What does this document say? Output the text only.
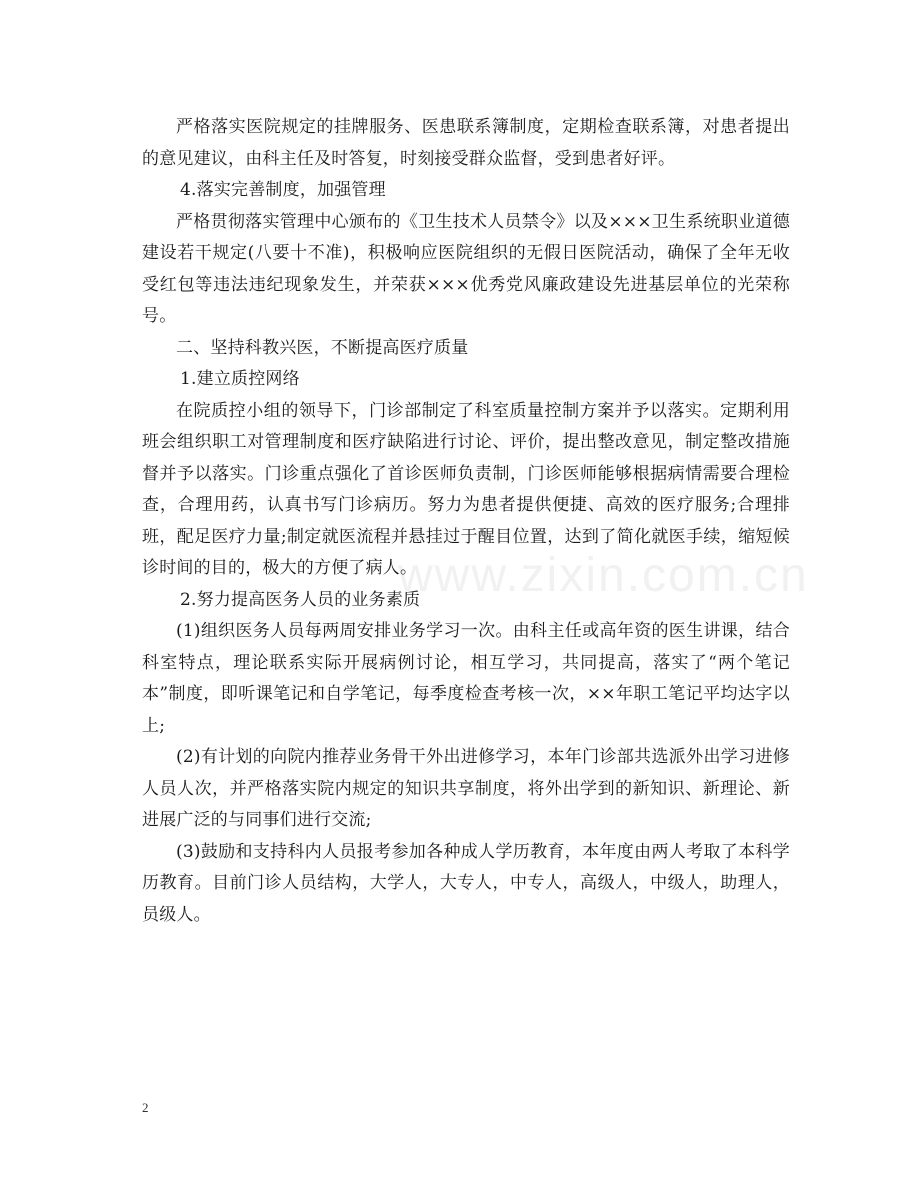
www.zixin.com.cn

严格落实医院规定的挂牌服务、医患联系簿制度，定期检查联系簿，对患者提出的意见建议，由科主任及时答复，时刻接受群众监督，受到患者好评。

4.落实完善制度，加强管理

严格贯彻落实管理中心颁布的《卫生技术人员禁令》以及×××卫生系统职业道德建设若干规定(八要十不准)，积极响应医院组织的无假日医院活动，确保了全年无收受红包等违法违纪现象发生，并荣获×××优秀党风廉政建设先进基层单位的光荣称号。

二、坚持科教兴医，不断提高医疗质量

1.建立质控网络

在院质控小组的领导下，门诊部制定了科室质量控制方案并予以落实。定期利用班会组织职工对管理制度和医疗缺陷进行讨论、评价，提出整改意见，制定整改措施督并予以落实。门诊重点强化了首诊医师负责制，门诊医师能够根据病情需要合理检查，合理用药，认真书写门诊病历。努力为患者提供便捷、高效的医疗服务;合理排班，配足医疗力量;制定就医流程并悬挂过于醒目位置，达到了简化就医手续，缩短候诊时间的目的，极大的方便了病人。

2.努力提高医务人员的业务素质

(1)组织医务人员每两周安排业务学习一次。由科主任或高年资的医生讲课，结合科室特点，理论联系实际开展病例讨论，相互学习，共同提高，落实了“两个笔记本”制度，即听课笔记和自学笔记，每季度检查考核一次，××年职工笔记平均达字以上;

(2)有计划的向院内推荐业务骨干外出进修学习，本年门诊部共选派外出学习进修人员人次，并严格落实院内规定的知识共享制度，将外出学到的新知识、新理论、新进展广泛的与同事们进行交流;

(3)鼓励和支持科内人员报考参加各种成人学历教育，本年度由两人考取了本科学历教育。目前门诊人员结构，大学人，大专人，中专人，高级人，中级人，助理人，员级人。

2
